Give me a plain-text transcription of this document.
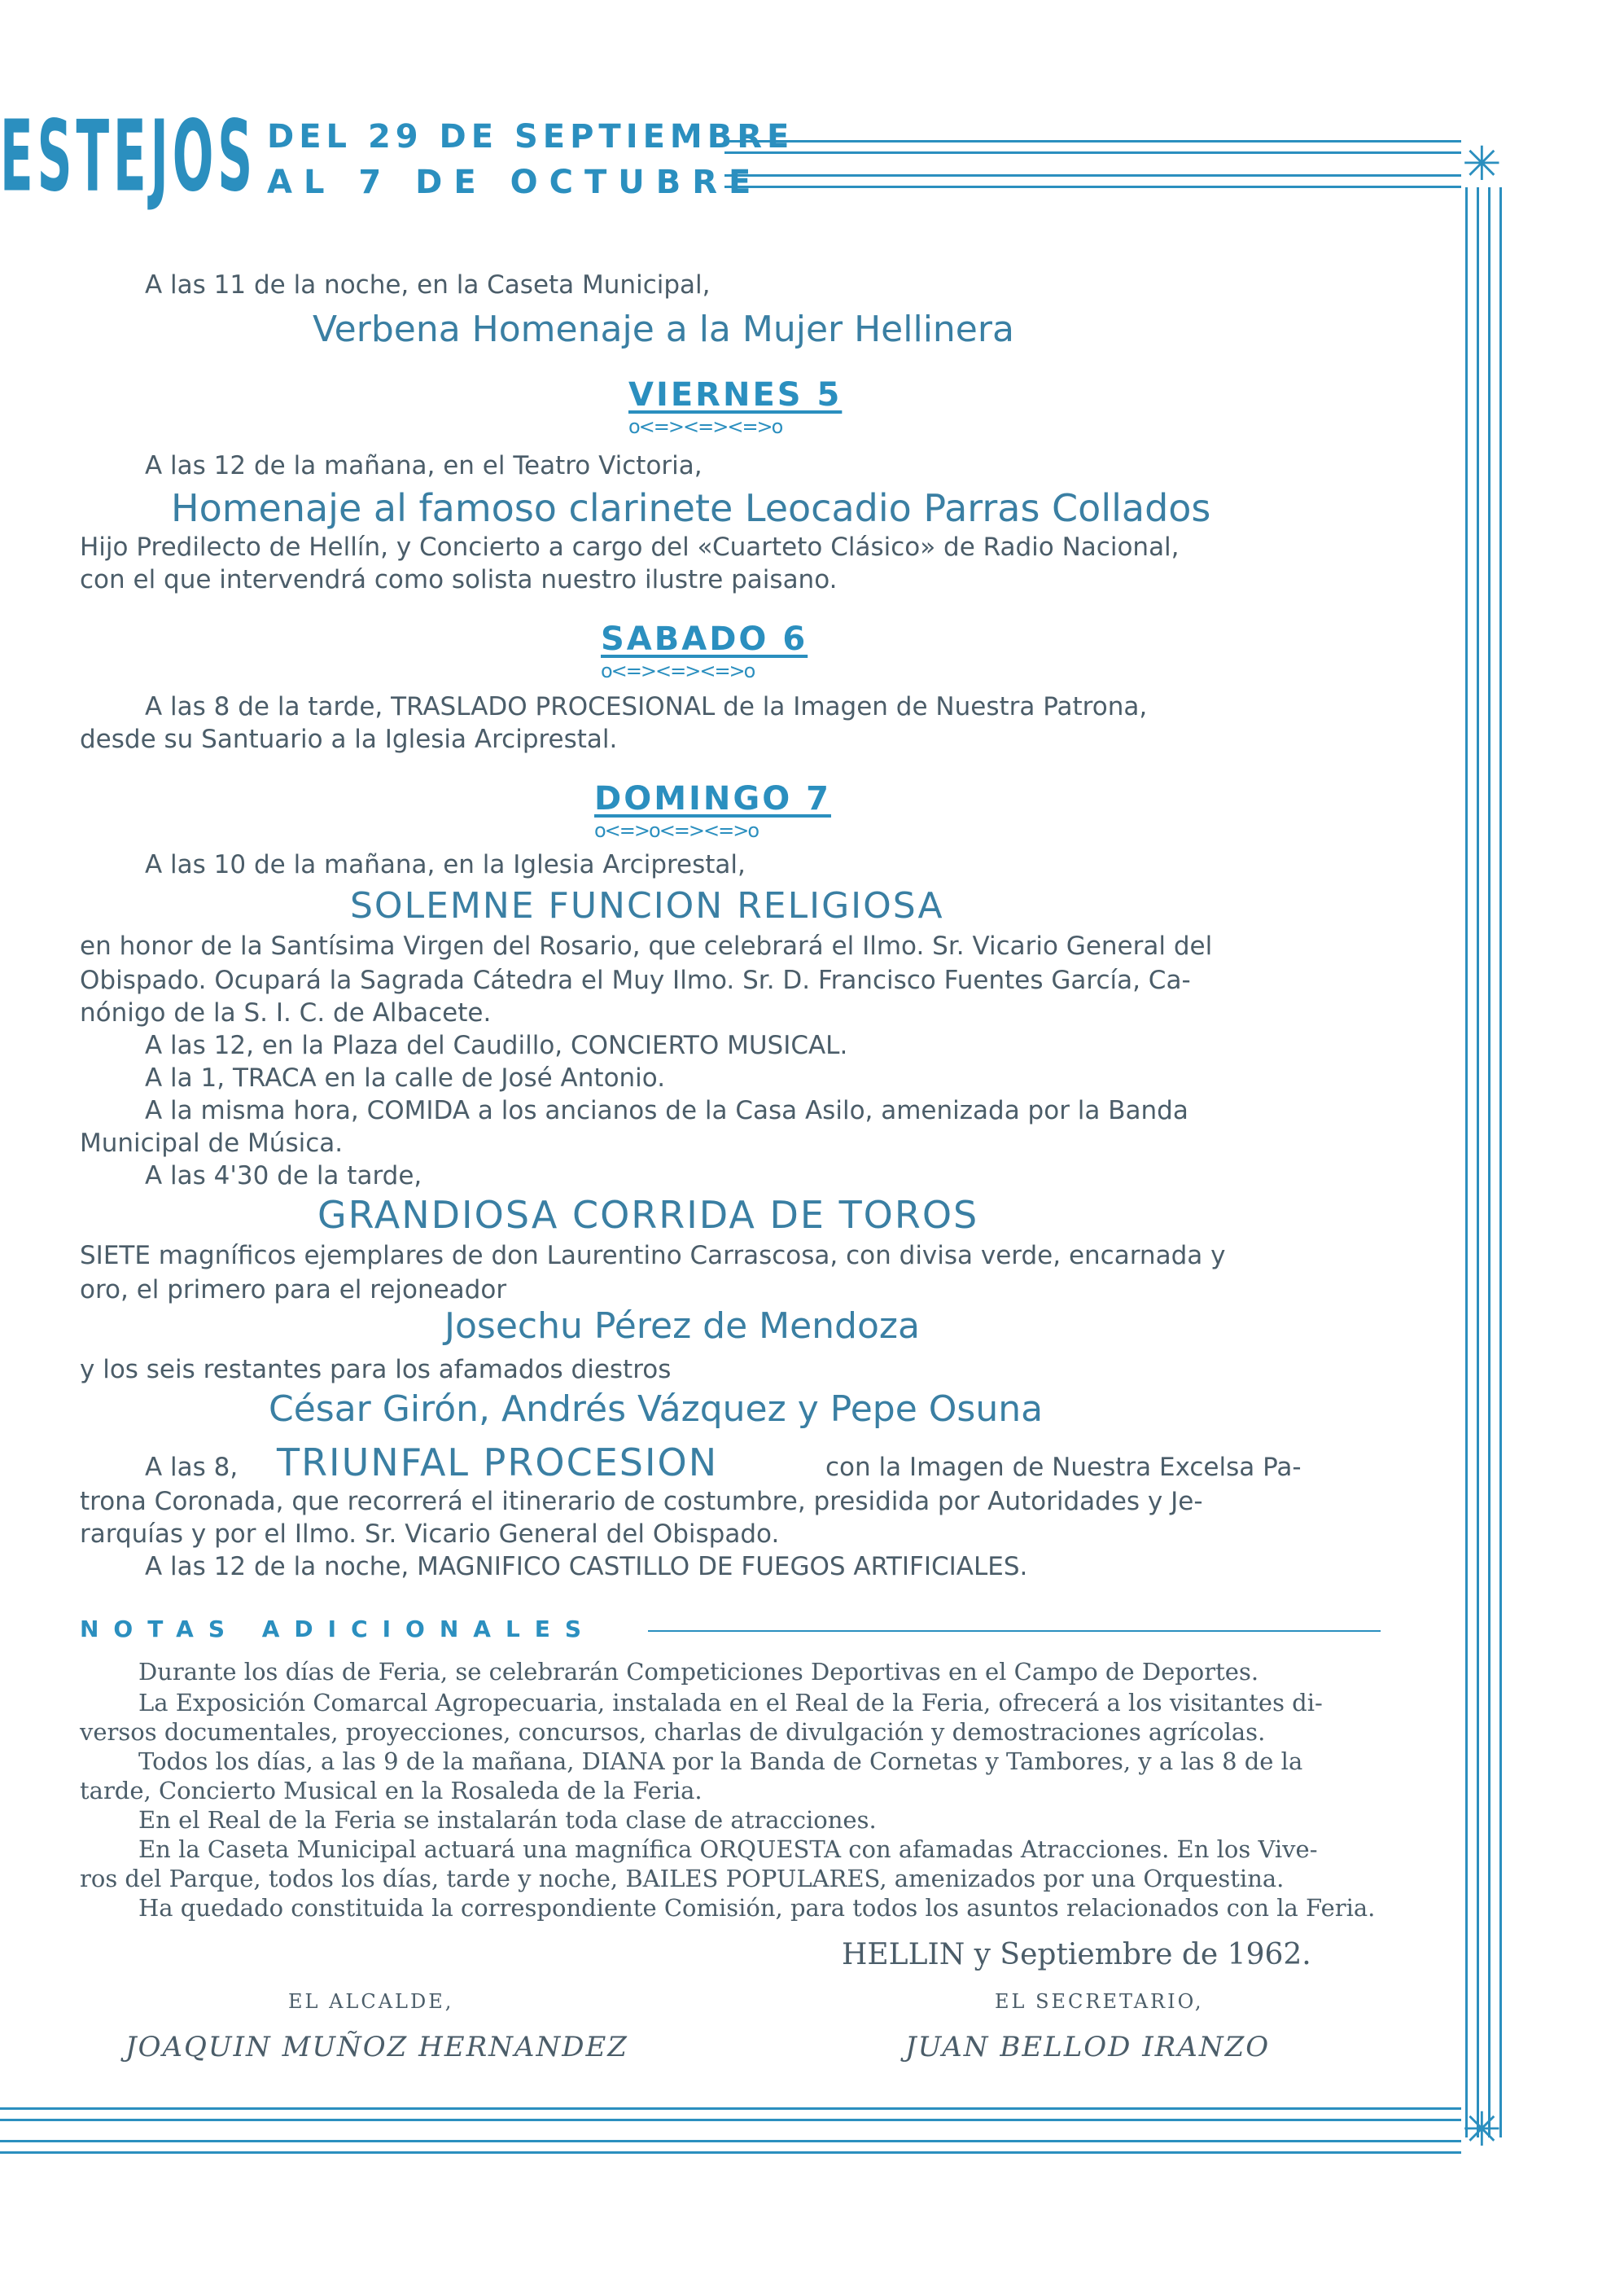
ESTEJOS DEL 29 DE SEPTIEMBRE
AL 7 DE OCTUBRE	✳
✳
A las 11 de la noche, en la Caseta Municipal,
Verbena Homenaje a la Mujer Hellinera
VIERNES 5
o<=><=><=>o
A las 12 de la mañana, en el Teatro Victoria,
Homenaje al famoso clarinete Leocadio Parras Collados
Hijo Predilecto de Hellín, y Concierto a cargo del «Cuarteto Clásico» de Radio Nacional,
con el que intervendrá como solista nuestro ilustre paisano.
SABADO 6
o<=><=><=>o
A las 8 de la tarde, TRASLADO PROCESIONAL de la Imagen de Nuestra Patrona,
desde su Santuario a la Iglesia Arciprestal.
DOMINGO 7
o<=>o<=><=>o
A las 10 de la mañana, en la Iglesia Arciprestal,
SOLEMNE FUNCION RELIGIOSA
en honor de la Santísima Virgen del Rosario, que celebrará el Ilmo. Sr. Vicario General del
Obispado. Ocupará la Sagrada Cátedra el Muy Ilmo. Sr. D. Francisco Fuentes García, Ca-
nónigo de la S. I. C. de Albacete.
A las 12, en la Plaza del Caudillo, CONCIERTO MUSICAL.
A la 1, TRACA en la calle de José Antonio.
A la misma hora, COMIDA a los ancianos de la Casa Asilo, amenizada por la Banda
Municipal de Música.
A las 4'30 de la tarde,
GRANDIOSA CORRIDA DE TOROS
SIETE magníficos ejemplares de don Laurentino Carrascosa, con divisa verde, encarnada y
oro, el primero para el rejoneador
Josechu Pérez de Mendoza
y los seis restantes para los afamados diestros
César Girón, Andrés Vázquez y Pepe Osuna
A las 8, TRIUNFAL PROCESION	con la Imagen de Nuestra Excelsa Pa-
trona Coronada, que recorrerá el itinerario de costumbre, presidida por Autoridades y Je-
rarquías y por el Ilmo. Sr. Vicario General del Obispado.
A las 12 de la noche, MAGNIFICO CASTILLO DE FUEGOS ARTIFICIALES.
NOTAS ADICIONALES
Durante los días de Feria, se celebrarán Competiciones Deportivas en el Campo de Deportes.
La Exposición Comarcal Agropecuaria, instalada en el Real de la Feria, ofrecerá a los visitantes di-
versos documentales, proyecciones, concursos, charlas de divulgación y demostraciones agrícolas.
Todos los días, a las 9 de la mañana, DIANA por la Banda de Cornetas y Tambores, y a las 8 de la
tarde, Concierto Musical en la Rosaleda de la Feria.
En el Real de la Feria se instalarán toda clase de atracciones.
En la Caseta Municipal actuará una magnífica ORQUESTA con afamadas Atracciones. En los Vive-
ros del Parque, todos los días, tarde y noche, BAILES POPULARES, amenizados por una Orquestina.
Ha quedado constituida la correspondiente Comisión, para todos los asuntos relacionados con la Feria.
HELLIN y Septiembre de 1962.
EL ALCALDE,	EL SECRETARIO,
JOAQUIN MUÑOZ HERNANDEZ	JUAN BELLOD IRANZO
